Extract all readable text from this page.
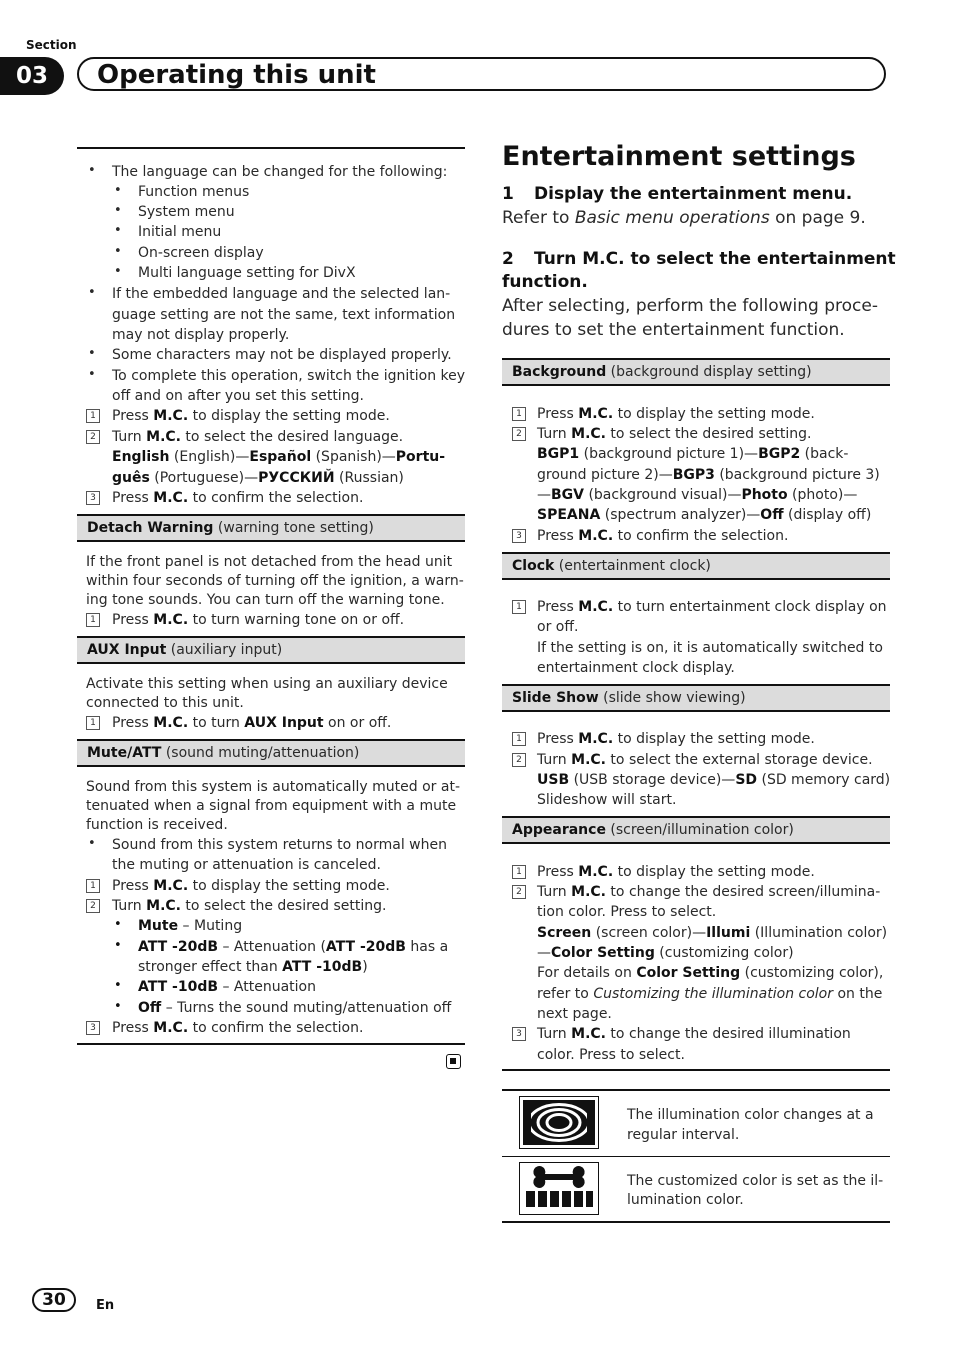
Section
03	Operating this unit
• The language can be changed for the following:
• Function menus
• System menu
• Initial menu
• On-screen display
• Multi language setting for DivX
• If the embedded language and the selected lan-
guage setting are not the same, text information
may not display properly.
• Some characters may not be displayed properly.
• To complete this operation, switch the ignition key
off and on after you set this setting.
1 Press M.C. to display the setting mode.
2 Turn M.C. to select the desired language.
English (English)—Español (Spanish)—Portu-
guês (Portuguese)—РУССКИЙ (Russian)
3 Press M.C. to confirm the selection.
Detach Warning (warning tone setting)
If the front panel is not detached from the head unit
within four seconds of turning off the ignition, a warn-
ing tone sounds. You can turn off the warning tone.
1 Press M.C. to turn warning tone on or off.
AUX Input (auxiliary input)
Activate this setting when using an auxiliary device
connected to this unit.
1 Press M.C. to turn AUX Input on or off.
Mute/ATT (sound muting/attenuation)
Sound from this system is automatically muted or at-
tenuated when a signal from equipment with a mute
function is received.
• Sound from this system returns to normal when
the muting or attenuation is canceled.
1 Press M.C. to display the setting mode.
2 Turn M.C. to select the desired setting.
• Mute – Muting
• ATT -20dB – Attenuation (ATT -20dB has a
stronger effect than ATT -10dB)
• ATT -10dB – Attenuation
• Off – Turns the sound muting/attenuation off
3 Press M.C. to confirm the selection.
Entertainment settings
1 Display the entertainment menu.
Refer to Basic menu operations on page 9.
2 Turn M.C. to select the entertainment
function.
After selecting, perform the following proce-
dures to set the entertainment function.
Background (background display setting)
1 Press M.C. to display the setting mode.
2 Turn M.C. to select the desired setting.
BGP1 (background picture 1)—BGP2 (back-
ground picture 2)—BGP3 (background picture 3)
—BGV (background visual)—Photo (photo)—
SPEANA (spectrum analyzer)—Off (display off)
3 Press M.C. to confirm the selection.
Clock (entertainment clock)
1 Press M.C. to turn entertainment clock display on
or off.
If the setting is on, it is automatically switched to
entertainment clock display.
Slide Show (slide show viewing)
1 Press M.C. to display the setting mode.
2 Turn M.C. to select the external storage device.
USB (USB storage device)—SD (SD memory card)
Slideshow will start.
Appearance (screen/illumination color)
1 Press M.C. to display the setting mode.
2 Turn M.C. to change the desired screen/illumina-
tion color. Press to select.
Screen (screen color)—Illumi (Illumination color)
—Color Setting (customizing color)
For details on Color Setting (customizing color),
refer to Customizing the illumination color on the
next page.
3 Turn M.C. to change the desired illumination
color. Press to select.
The illumination color changes at a
regular interval.
The customized color is set as the il-
lumination color.
30	En
